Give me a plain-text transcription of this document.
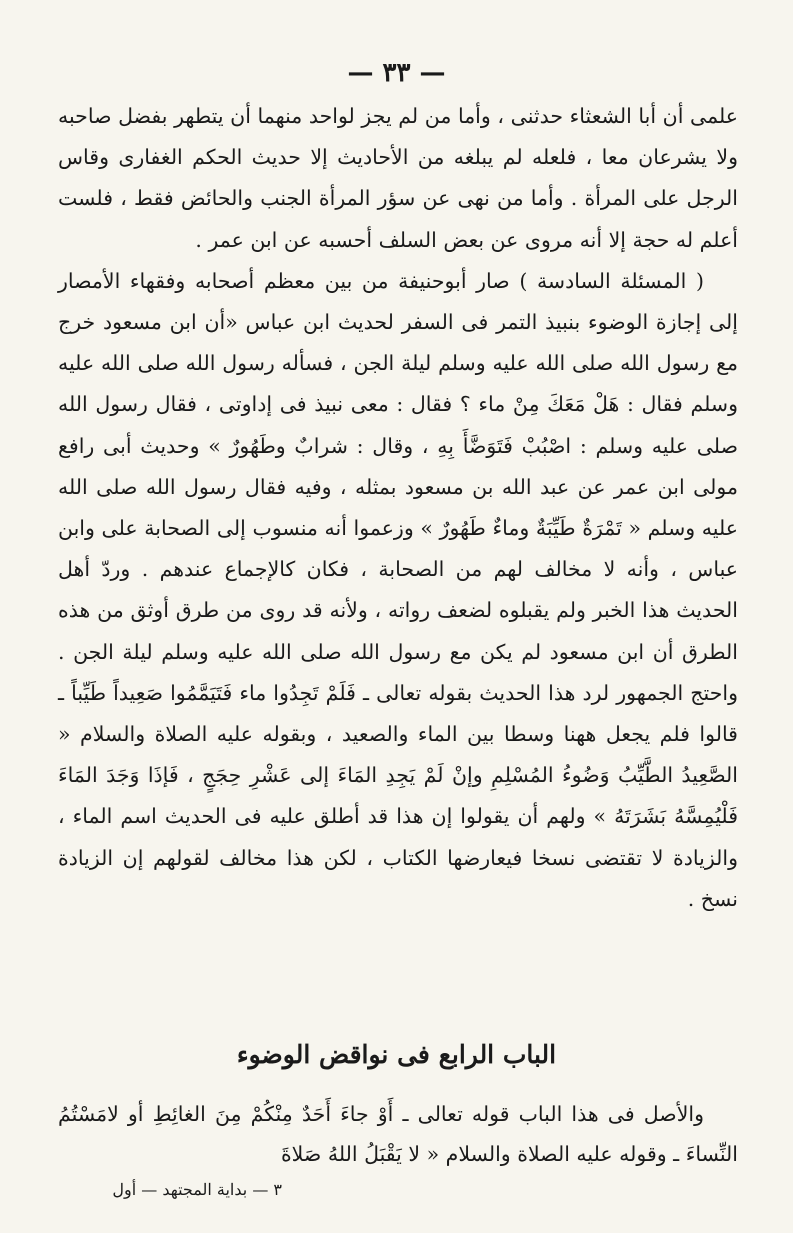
— ٣٣ —

علمى أن أبا الشعثاء حدثنى ، وأما من لم يجز لواحد منهما أن يتطهر بفضل صاحبه ولا يشرعان معا ، فلعله لم يبلغه من الأحاديث إلا حديث الحكم الغفارى وقاس الرجل على المرأة . وأما من نهى عن سؤر المرأة الجنب والحائض فقط ، فلست أعلم له حجة إلا أنه مروى عن بعض السلف أحسبه عن ابن عمر .

( المسئلة السادسة ) صار أبوحنيفة من بين معظم أصحابه وفقهاء الأمصار إلى إجازة الوضوء بنبيذ التمر فى السفر لحديث ابن عباس «أن ابن مسعود خرج مع رسول الله صلى الله عليه وسلم ليلة الجن ، فسأله رسول الله صلى الله عليه وسلم فقال : هَلْ مَعَكَ مِنْ ماء ؟ فقال : معى نبيذ فى إداوتى ، فقال رسول الله صلى عليه وسلم : اصْبُبْ فَتَوَضَّأَ بِهِ ، وقال : شرابٌ وطَهُورٌ » وحديث أبى رافع مولى ابن عمر عن عبد الله بن مسعود بمثله ، وفيه فقال رسول الله صلى الله عليه وسلم « تَمْرَةٌ طَيِّبَةٌ وماءٌ طَهُورٌ » وزعموا أنه منسوب إلى الصحابة على وابن عباس ، وأنه لا مخالف لهم من الصحابة ، فكان كالإجماع عندهم . وردّ أهل الحديث هذا الخبر ولم يقبلوه لضعف رواته ، ولأنه قد روى من طرق أوثق من هذه الطرق أن ابن مسعود لم يكن مع رسول الله صلى الله عليه وسلم ليلة الجن . واحتج الجمهور لرد هذا الحديث بقوله تعالى ـ فَلَمْ تَجِدُوا ماء فَتَيَمَّمُوا صَعِيداً طَيِّباً ـ قالوا فلم يجعل ههنا وسطا بين الماء والصعيد ، وبقوله عليه الصلاة والسلام « الصَّعِيدُ الطَّيِّبُ وَضُوءُ المُسْلِمِ وإنْ لَمْ يَجِدِ المَاءَ إلى عَشْرِ حِجَجٍ ، فَإذَا وَجَدَ المَاءَ فَلْيُمِسَّهُ بَشَرَتَهُ » ولهم أن يقولوا إن هذا قد أطلق عليه فى الحديث اسم الماء ، والزيادة لا تقتضى نسخا فيعارضها الكتاب ، لكن هذا مخالف لقولهم إن الزيادة نسخ .

الباب الرابع فى نواقض الوضوء

والأصل فى هذا الباب قوله تعالى ـ أَوْ جاءَ أَحَدٌ مِنْكُمْ مِنَ الغائِطِ أو لامَسْتُمُ النِّساءَ ـ وقوله عليه الصلاة والسلام « لا يَقْبَلُ اللهُ صَلاةَ

٣ — بداية المجتهد — أول
